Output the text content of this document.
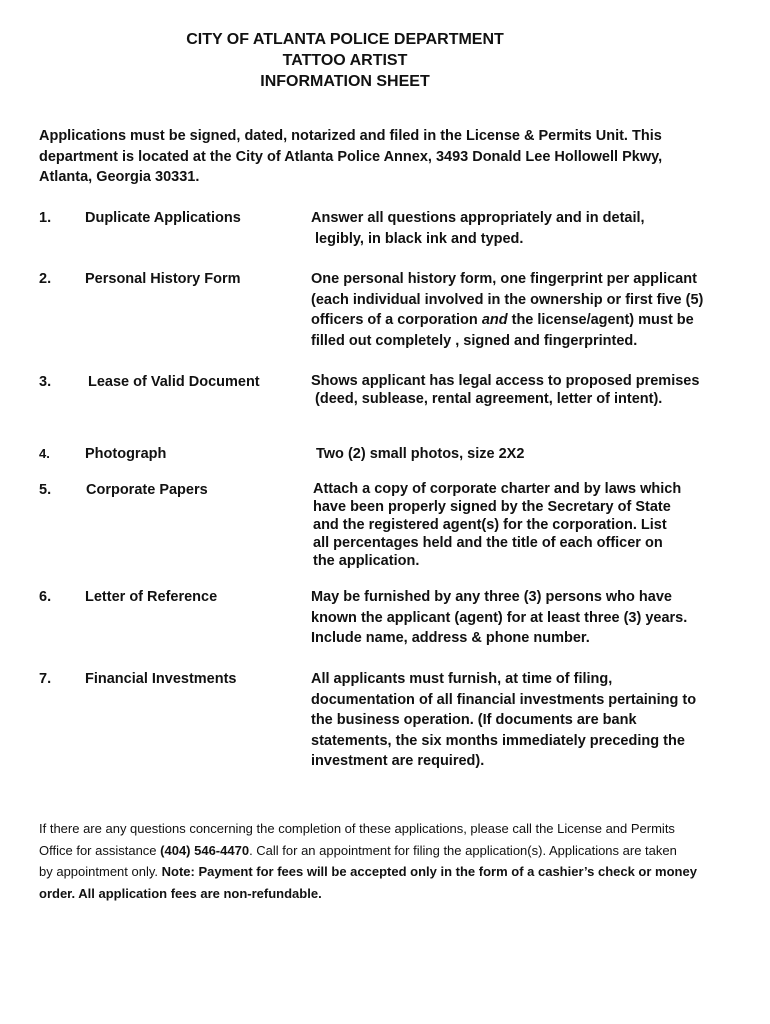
CITY OF ATLANTA POLICE DEPARTMENT
TATTOO ARTIST
INFORMATION SHEET
Applications must be signed, dated, notarized and filed in the License & Permits Unit. This
department is located at the City of Atlanta Police Annex, 3493 Donald Lee Hollowell Pkwy,
Atlanta, Georgia 30331.
1. Duplicate Applications	Answer all questions appropriately and in detail,
legibly, in black ink and typed.
2. Personal History Form	One personal history form, one fingerprint per applicant
(each individual involved in the ownership or first five (5)
officers of a corporation and the license/agent) must be
filled out completely , signed and fingerprinted.
3.	Lease of Valid Document	Shows applicant has legal access to proposed premises
(deed, sublease, rental agreement, letter of intent).
4. Photograph	Two (2) small photos, size 2X2
5. Corporate Papers	Attach a copy of corporate charter and by laws which
have been properly signed by the Secretary of State
and the registered agent(s) for the corporation. List
all percentages held and the title of each officer on
the application.
6. Letter of Reference	May be furnished by any three (3) persons who have
known the applicant (agent) for at least three (3) years.
Include name, address & phone number.
7. Financial Investments	All applicants must furnish, at time of filing,
documentation of all financial investments pertaining to
the business operation. (If documents are bank
statements, the six months immediately preceding the
investment are required).
If there are any questions concerning the completion of these applications, please call the License and Permits
Office for assistance (404) 546-4470. Call for an appointment for filing the application(s). Applications are taken
by appointment only. Note: Payment for fees will be accepted only in the form of a cashier’s check or money
order. All application fees are non-refundable.
